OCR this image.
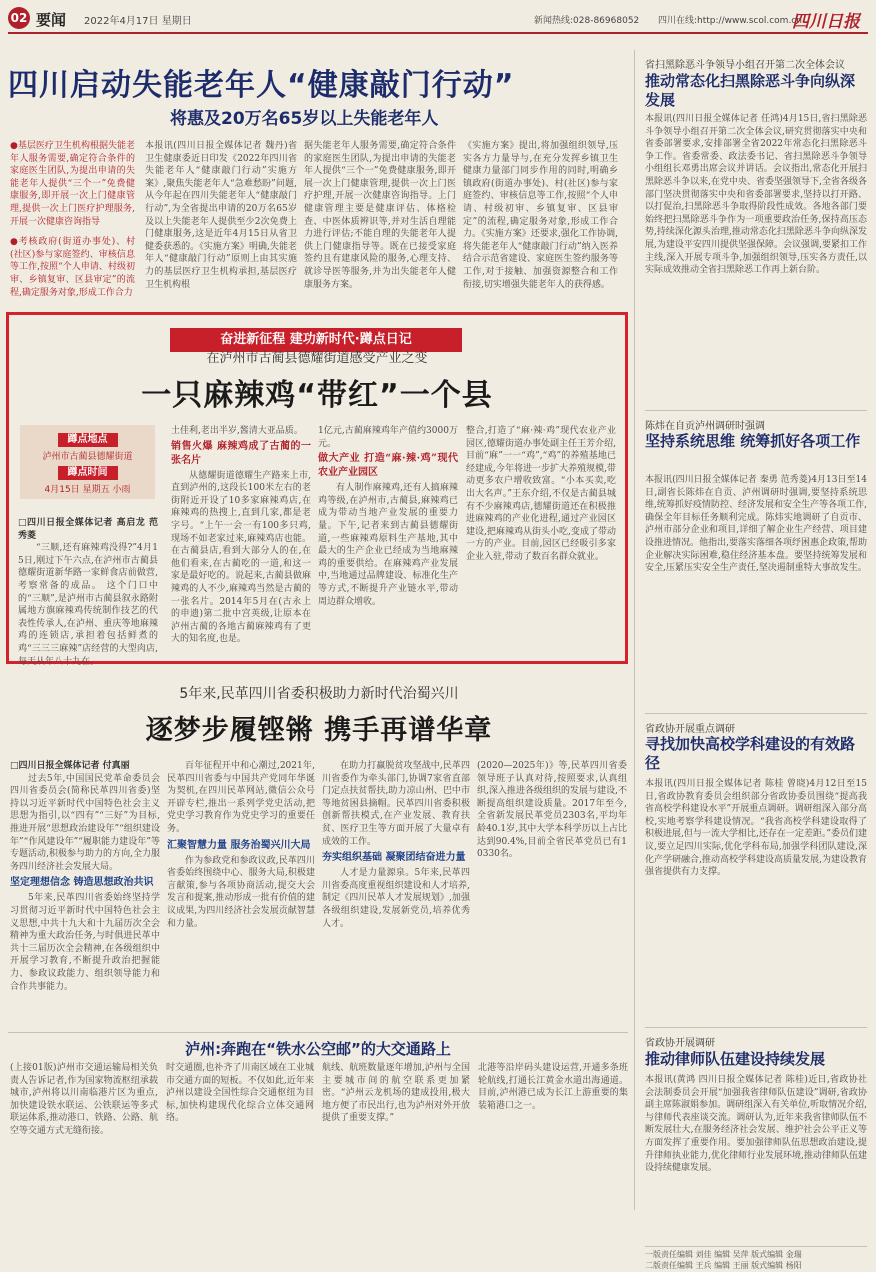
02 要闻 2022年4月17日 星期日	新闻热线:028-86968052 四川在线:http://www.scol.com.cn
四川日报
四川启动失能老年人“健康敲门行动”
将惠及20万名65岁以上失能老年人

●基层医疗卫生机构根据失能老年人服务需要,确定符合条件的家庭医生团队,为提出申请的失能老年人提供“三个一”免费健康服务,即开展一次上门健康管理,提供一次上门医疗护理服务,开展一次健康咨询指导

●考核政府(街道办事处)、村(社区)参与家庭签约、审核信息等工作,按照“个人申请、村级初审、乡镇复审、区县审定”的流程,确定服务对象,形成工作合力

本报讯(四川日报全媒体记者 魏丹)省卫生健康委近日印发《2022年四川省失能老年人“健康敲门行动”实施方案》,聚焦失能老年人“急难愁盼”问题,从今年起在四川失能老年人“健康敲门行动”,为全省提出申请的20万名65岁及以上失能老年人提供至少2次免费上门健康服务,这是近年4月15日从省卫健委获悉的。《实施方案》明确,失能老年人“健康敲门行动”原则上由其实施力的基层医疗卫生机构承担,基层医疗卫生机构根
据失能老年人服务需要,确定符合条件的家庭医生团队,为提出申请的失能老年人提供“三个一”免费健康服务,即开展一次上门健康管理,提供一次上门医疗护理,开展一次健康咨询指导。上门健康管理主要是健康评估、体格检查、中医体质辨识等,并对生活自理能力进行评估;不能自理的失能老年人提供上门健康指导等。既在已接受家庭签约且有建康风险的服务,心理支持、就诊导医等服务,并为出失能老年人健康服务方案。
《实施方案》提出,将加强组织领导,压实各方力量导与,在充分发挥乡镇卫生健康力量部门同步作用的同时,明确乡镇政府(街道办事处)、村(社区)参与家庭签约、审核信息等工作,按照“个人申请、村级初审、乡镇复审、区县审定”的流程,确定服务对象,形成工作合力。《实施方案》还要求,强化工作协调,将失能老年人“健康敲门行动”纳入医养结合示范省建设、家庭医生签约服务等工作,对于接触、加强资源整合和工作衔接,切实增强失能老年人的获得感。
省扫黑除恶斗争领导小组召开第二次全体会议
推动常态化扫黑除恶斗争向纵深发展
本报讯(四川日报全媒体记者 任鸿)4月15日,省扫黑除恶斗争领导小组召开第二次全体会议,研究贯彻落实中央和省委部署要求,安排部署全省2022年常态化扫黑除恶斗争工作。省委常委、政法委书记、省扫黑除恶斗争领导小组组长邓勇出席会议并讲话。会议指出,常态化开展扫黑除恶斗争以来,在党中央、省委坚强领导下,全省各级各部门坚决贯彻落实中央和省委部署要求,坚持以打开路、以打促治,扫黑除恶斗争取得阶段性成效。各地各部门要始终把扫黑除恶斗争作为一项重要政治任务,保持高压态势,持续深化源头治理,推动常态化扫黑除恶斗争向纵深发展,为建设平安四川提供坚强保障。会议强调,要紧扣工作主线,深入开展专项斗争,加强组织领导,压实各方责任,以实际成效推动全省扫黑除恶工作再上新台阶。
陈炜在自贡泸州调研时强调
坚持系统思维 统筹抓好各项工作
本报讯(四川日报全媒体记者 秦勇 范秀菱)4月13日至14日,副省长陈炜在自贡、泸州调研时强调,要坚持系统思维,统筹抓好疫情防控、经济发展和安全生产等各项工作,确保全年目标任务顺利完成。陈炜实地调研了自贡市、泸州市部分企业和项目,详细了解企业生产经营、项目建设推进情况。他指出,要落实落细各项纾困惠企政策,帮助企业解决实际困难,稳住经济基本盘。要坚持统筹发展和安全,压紧压实安全生产责任,坚决遏制重特大事故发生。
省政协开展重点调研
寻找加快高校学科建设的有效路径
本报讯(四川日报全媒体记者 陈桂 曾晓)4月12日至15日,省政协教育委员会组织部分省政协委员围绕“提高我省高校学科建设水平”开展重点调研。调研组深入部分高校,实地考察学科建设情况。“我省高校学科建设取得了积极进展,但与一流大学相比,还存在一定差距。”委员们建议,要立足四川实际,优化学科布局,加强学科团队建设,深化产学研融合,推动高校学科建设高质量发展,为建设教育强省提供有力支撑。
省政协开展调研
推动律师队伍建设持续发展
本报讯(黄鸿 四川日报全媒体记者 陈桂)近日,省政协社会法制委员会开展“加强我省律师队伍建设”调研,省政协副主席陈淑娟参加。调研组深入有关单位,听取情况介绍,与律师代表座谈交流。调研认为,近年来我省律师队伍不断发展壮大,在服务经济社会发展、维护社会公平正义等方面发挥了重要作用。要加强律师队伍思想政治建设,提升律师执业能力,优化律师行业发展环境,推动律师队伍建设持续健康发展。
奋进新征程 建功新时代·蹲点日记
在泸州市古蔺县德耀街道感受产业之变
一只麻辣鸡“带红”一个县
蹲点地点
泸州市古蔺县德耀街道
蹲点时间
4月15日 星期五 小雨
□四川日报全媒体记者 高启龙 范秀菱

“三顺,还有麻辣鸡没得?”4月15日,刚过下午六点,在泸州市古蔺县德耀街道新华路一家鲜食店前做营,考察常备的成品。 这个门口中的“三顺”,是泸州市古蔺县叙永路附属地方旗麻辣鸡传统制作技艺的代表性传承人,在泸州、重庆等地麻辣鸡的连锁店,承担着包括鲜煮的鸡“三三三麻辣”店经营的大型肉店,每天从年八十九在。

土佳利,老出半岁,酱清大亚品质。

销售火爆 麻辣鸡成了古蔺的一张名片

从德耀街道德耀生产路来上市,直到泸州的,这段长100米左右的老街附近开设了10多家麻辣鸡店,在麻辣鸡的热搜上,直到几家,都是老字号。“上午一会一有100多只鸡,现场不如老家过来,麻辣鸡店也能。在古蔺县店,看到大部分人的在,在他们看来,在古蔺吃的一道,和这一家是最好吃的。说起来,古蔺县做麻辣鸡的人不少,麻辣鸡当然是古蔺的一张名片。2014年5月在(古永上的申遗)第二批中宫英级,让原本在泸州古蔺的各地古蔺麻辣鸡有了更大的知名度,也是。

1亿元,古蔺麻辣鸡年产值约3000万元。

做大产业 打造“麻·辣·鸡”现代农业产业园区

有人制作麻辣鸡,还有人搞麻辣鸡等级,在泸州市,古蔺县,麻辣鸡已成为带动当地产业发展的重要力量。下午,记者来到古蔺县德耀街道,一些麻辣鸡原料生产基地,其中最大的生产企业已经成为当地麻辣鸡的重要供给。在麻辣鸡产业发展中,当地通过品牌建设、标准化生产等方式,不断提升产业链水平,带动周边群众增收。

整合,打造了“麻·辣·鸡”现代农业产业园区,德耀街道办事处副主任王芳介绍,目前“麻”一一“鸡”,“鸡”的养殖基地已经建成,今年将进一步扩大养殖规模,带动更多农户增收致富。“小本买卖,吃出大名声。”王东介绍,不仅是古蔺县城有不少麻辣鸡店,德耀街道还在积极推进麻辣鸡的产业化进程,通过产业园区建设,把麻辣鸡从街头小吃,变成了带动一方的产业。目前,园区已经吸引多家企业入驻,带动了数百名群众就业。
5年来,民革四川省委积极助力新时代治蜀兴川
逐梦步履铿锵 携手再谱华章
□四川日报全媒体记者 付真丽

过去5年,中国国民党革命委员会四川省委员会(简称民革四川省委)坚持以习近平新时代中国特色社会主义思想为指引,以“四有”“三好”为目标,推进开展“思想政治建设年”“组织建设年”“作风建设年”“履职能力建设年”等专题活动,积极参与助力的方向,全力服务四川经济社会发展大局。

坚定理想信念 铸造思想政治共识

5年来,民革四川省委始终坚持学习贯彻习近平新时代中国特色社会主义思想,中共十九大和十九届历次全会精神为重大政治任务,与时俱进民革中共十三届历次全会精神,在各级组织中开展学习教育,不断提升政治把握能力、参政议政能力、组织领导能力和合作共事能力。

百年征程开中和心潮过,2021年,民革四川省委与中国共产党同年华诞为契机,在四川民革网站,微信公众号开辟专栏,推出一系列学党史活动,把党史学习教育作为党史学习的重要任务。

汇聚智慧力量 服务治蜀兴川大局

作为参政党和参政议政,民革四川省委始终围绕中心、服务大局,积极建言献策,参与各项协商活动,提交大会发言和提案,推动形成一批有价值的建议成果,为四川经济社会发展贡献智慧和力量。

在助力打赢脱贫攻坚战中,民革四川省委作为牵头部门,协调7家省直部门定点扶贫帮扶,助力凉山州、巴中市等地贫困县摘帽。民革四川省委积极创新帮扶模式,在产业发展、教育扶贫、医疗卫生等方面开展了大量卓有成效的工作。

夯实组织基础 凝聚团结奋进力量

人才是力量源泉。5年来,民革四川省委高度重视组织建设和人才培养,制定《四川民革人才发展规划》,加强各级组织建设,发展新党员,培养优秀人才。

(2020—2025年)》等,民革四川省委领导班子认真对待,按照要求,认真组织,深入推进各级组织的发展与建设,不断提高组织建设质量。2017年至今,全省新发展民革党员2303名,平均年龄40.1岁,其中大学本科学历以上占比达到90.4%,目前全省民革党员已有10330名。
泸州:奔跑在“铁水公空邮”的大交通路上
(上接01版)泸州市交通运输局相关负责人告诉记者,作为国家物流枢纽承载城市,泸州将以川南临港片区为重点,加快建设铁水联运、公铁联运等多式联运体系,推动港口、铁路、公路、航空等交通方式无缝衔接。
时交通圈,也补齐了川南区域在工业城市交通方面的短板。不仅如此,近年来泸州以建设全国性综合交通枢纽为目标,加快构建现代化综合立体交通网络。
航线、航班数量逐年增加,泸州与全国主要城市间的航空联系更加紧密。“泸州云龙机场的建成投用,极大地方便了市民出行,也为泸州对外开放提供了重要支撑。”
北港等沿岸码头建设运营,开通多条班轮航线,打通长江黄金水道出海通道。目前,泸州港已成为长江上游重要的集装箱港口之一。
一版责任编辑 刘佳 编辑 吴萍 版式编辑 金瑞
二版责任编辑 王兵 编辑 王丽 版式编辑 杨阳
